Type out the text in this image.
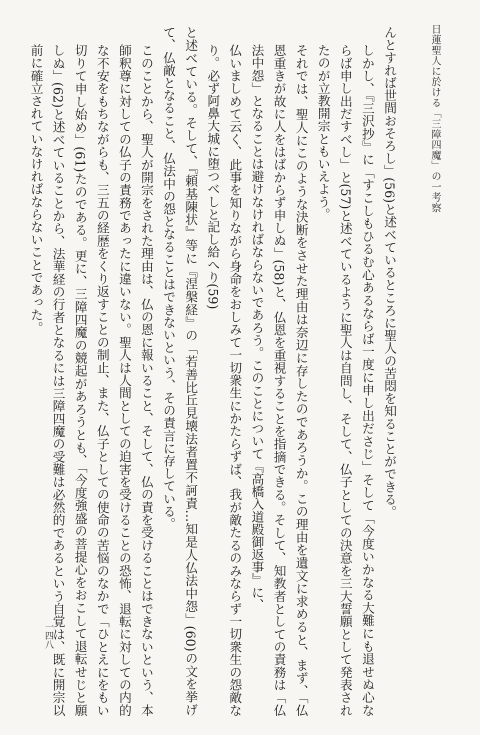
日蓮聖人に於ける「三障四魔」の一考察
一四八

んとすれば世間おそろし」(56)と述べているところに聖人の苦悶を知ることができる。

しかし、『三沢抄』に「すこしもひるむ心あるならば一度に申し出ださじ」そして「今度いかなる大難にも退せぬ心ならば申し出だすべし」と(57)と述べているように聖人は自問し、そして、仏子としての決意を三大誓願として発表されたのが立教開宗ともいえよう。

それでは、聖人にこのような決断をさせた理由は奈辺に存したのであろうか。この理由を遺文に求めると、まず、「仏恩重きが故に人をはばからず申しぬ」(58)と、仏恩を重視することを指摘できる。そして、知教者としての責務は「仏法中怨」となることは避けなければならないであろう。このことについて『高橋入道殿御返事』に、

仏いましめて云く、此事を知りながら身命をおしみて一切衆生にかたらずば、我が敵たるのみならず一切衆生の怨敵なり。必ず阿鼻大城に堕つべしと記し給へり(59)

と述べている。そして、『頼基陳状』等に『涅槃経』の「若善比丘見壊法者置不訶責…知是人仏法中怨」(60)の文を挙げて、仏敵となること、仏法中の怨となることはできないという、その責言に存している。

このことから、聖人が開宗をされた理由は、仏の恩に報いること、そして、仏の責を受けることはできないという、本師釈尊に対しての仏子の責務であったに違いない。聖人は人間としての迫害を受けることの恐怖、退転に対しての内的な不安をもちながらも、三五の経歴をくり返すことの制止、また、仏子としての使命の苦悩のなかで「ひとえにをもい切りて申し始め」(61)たのである。更に、三障四魔の競起があろうとも、「今度強盛の菩提心をおこして退転せじと願しぬ」(62)と述べていることから、法華経の行者となるには三障四魔の受難は必然的であるという自覚は、既に開宗以前に確立されていなければならないことであった。
